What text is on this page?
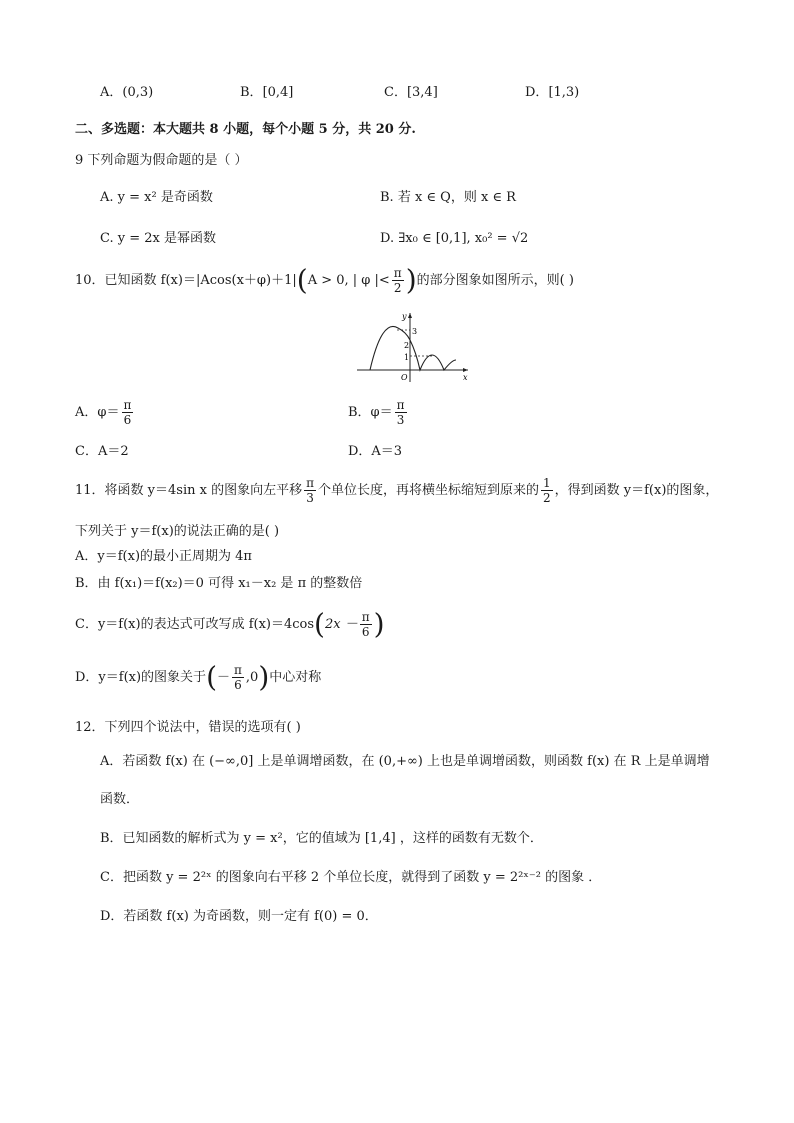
A．(0,3)	B．[0,4]	C．[3,4]	D．[1,3)
二、多选题：本大题共 8 小题，每个小题 5 分，共 20 分.
9 下列命题为假命题的是（ ）
A. y = x² 是奇函数	B. 若 x ∈ Q，则 x ∈ R
C. y = 2x 是幂函数	D. ∃x₀ ∈ [0,1], x₀² = √2
10．已知函数 f(x)＝|Acos(x＋φ)＋1|(A > 0, | φ |< $\frac{\pi}{2}$ )的部分图象如图所示，则( )
y
x
O
3
2
1
A．$\varphi= \frac{\pi}{6}$	B．$\varphi= \frac{\pi}{3}$
C．A＝2	D．A＝3
11．将函数 y＝4sin x 的图象向左平移 $\frac{\pi}{3}$ 个单位长度，再将横坐标缩短到原来的 $\frac{1}{2}$ ，得到函数 y＝f(x)的图象，
下列关于 y＝f(x)的说法正确的是( )
A．y＝f(x)的最小正周期为 4π
B．由 f(x₁)＝f(x₂)＝0 可得 x₁－x₂ 是 π 的整数倍
C．y＝f(x)的表达式可改写成 $f(x)=4\cos(2x - \frac{\pi}{6}$ )
D．y＝f(x)的图象关于(－ $\frac{\pi}{6} ,0$)中心对称
12．下列四个说法中，错误的选项有( )
A．若函数 f(x) 在 (−∞,0] 上是单调增函数，在 (0,+∞) 上也是单调增函数，则函数 f(x) 在 R 上是单调增
函数．
B．已知函数的解析式为 y = x²，它的值域为 [1,4] ，这样的函数有无数个．
C．把函数 y = 2²ˣ 的图象向右平移 2 个单位长度，就得到了函数 y = 2²ˣ⁻² 的图象 ．
D．若函数 f(x) 为奇函数，则一定有 f(0) = 0．
